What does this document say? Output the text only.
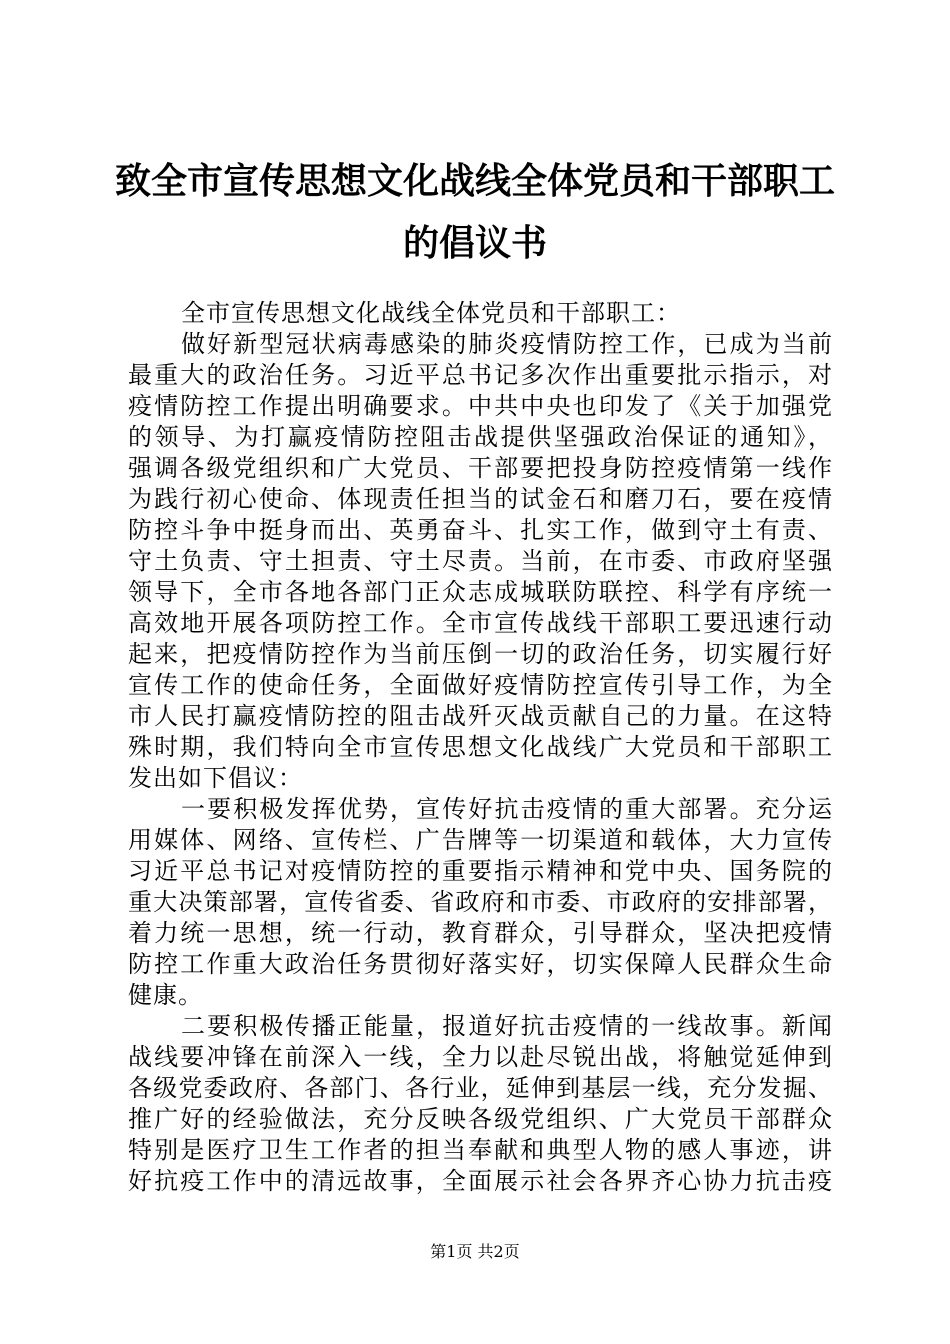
致全市宣传思想文化战线全体党员和干部职工
的倡议书
全市宣传思想文化战线全体党员和干部职工：
做好新型冠状病毒感染的肺炎疫情防控工作，已成为当前
最重大的政治任务。习近平总书记多次作出重要批示指示，对
疫情防控工作提出明确要求。中共中央也印发了《关于加强党
的领导、为打赢疫情防控阻击战提供坚强政治保证的通知》，
强调各级党组织和广大党员、干部要把投身防控疫情第一线作
为践行初心使命、体现责任担当的试金石和磨刀石，要在疫情
防控斗争中挺身而出、英勇奋斗、扎实工作，做到守土有责、
守土负责、守土担责、守土尽责。当前，在市委、市政府坚强
领导下，全市各地各部门正众志成城联防联控、科学有序统一
高效地开展各项防控工作。全市宣传战线干部职工要迅速行动
起来，把疫情防控作为当前压倒一切的政治任务，切实履行好
宣传工作的使命任务，全面做好疫情防控宣传引导工作，为全
市人民打赢疫情防控的阻击战歼灭战贡献自己的力量。在这特
殊时期，我们特向全市宣传思想文化战线广大党员和干部职工
发出如下倡议：
一要积极发挥优势，宣传好抗击疫情的重大部署。充分运
用媒体、网络、宣传栏、广告牌等一切渠道和载体，大力宣传
习近平总书记对疫情防控的重要指示精神和党中央、国务院的
重大决策部署，宣传省委、省政府和市委、市政府的安排部署，
着力统一思想，统一行动，教育群众，引导群众，坚决把疫情
防控工作重大政治任务贯彻好落实好，切实保障人民群众生命
健康。
二要积极传播正能量，报道好抗击疫情的一线故事。新闻
战线要冲锋在前深入一线，全力以赴尽锐出战，将触觉延伸到
各级党委政府、各部门、各行业，延伸到基层一线，充分发掘、
推广好的经验做法，充分反映各级党组织、广大党员干部群众
特别是医疗卫生工作者的担当奉献和典型人物的感人事迹，讲
好抗疫工作中的清远故事，全面展示社会各界齐心协力抗击疫
第1页 共2页
